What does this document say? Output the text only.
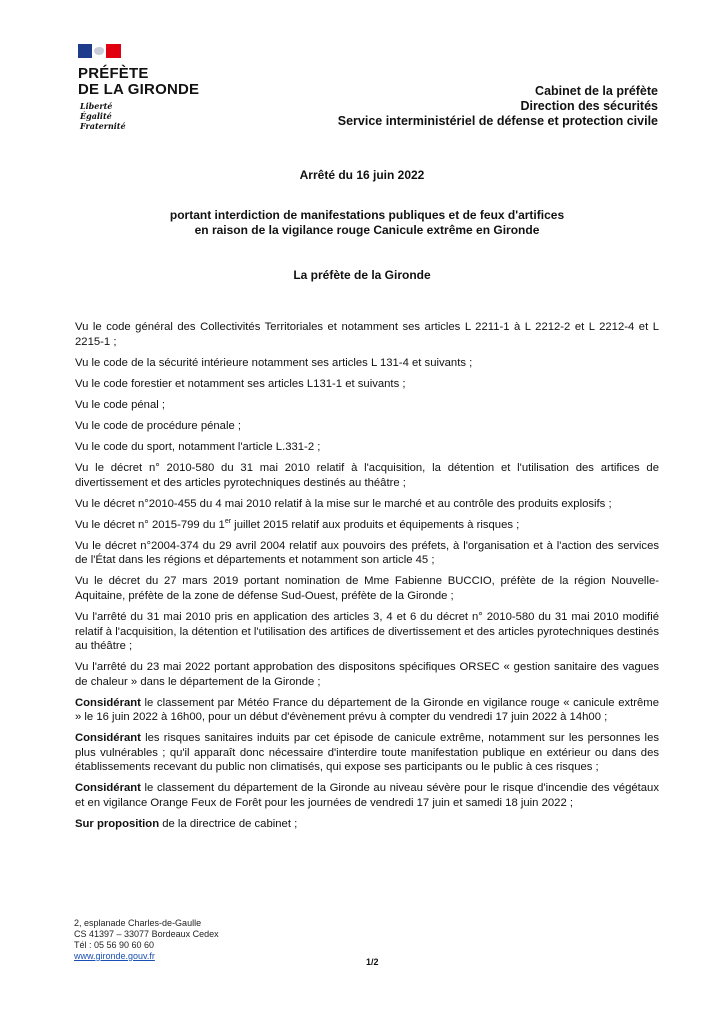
PRÉFÈTE
DE LA GIRONDE
Liberté
Égalité
Fraternité
Cabinet de la préfète
Direction des sécurités
Service interministériel de défense et protection civile
Arrêté du 16 juin 2022
portant interdiction de manifestations publiques et de feux d'artifices
en raison de la vigilance rouge Canicule extrême en Gironde
La préfète de la Gironde

Vu le code général des Collectivités Territoriales et notamment ses articles L 2211-1 à L 2212-2 et L 2212-4 et L 2215-1 ;

Vu le code de la sécurité intérieure notamment ses articles L 131-4 et suivants ;

Vu le code forestier et notamment ses articles L131-1 et suivants ;

Vu le code pénal ;

Vu le code de procédure pénale ;

Vu le code du sport, notamment l'article L.331-2 ;

Vu le décret n° 2010-580 du 31 mai 2010 relatif à l'acquisition, la détention et l'utilisation des artifices de divertissement et des articles pyrotechniques destinés au théâtre ;

Vu le décret n°2010-455 du 4 mai 2010 relatif à la mise sur le marché et au contrôle des produits explosifs ;

Vu le décret n° 2015-799 du 1er juillet 2015 relatif aux produits et équipements à risques ;

Vu le décret n°2004-374 du 29 avril 2004 relatif aux pouvoirs des préfets, à l'organisation et à l'action des services de l'État dans les régions et départements et notamment son article 45 ;

Vu le décret du 27 mars 2019 portant nomination de Mme Fabienne BUCCIO, préfète de la région Nouvelle-Aquitaine, préfète de la zone de défense Sud-Ouest, préfète de la Gironde ;

Vu l'arrêté du 31 mai 2010 pris en application des articles 3, 4 et 6 du décret n° 2010-580 du 31 mai 2010 modifié relatif à l'acquisition, la détention et l'utilisation des artifices de divertissement et des articles pyrotechniques destinés au théâtre ;

Vu l'arrêté du 23 mai 2022 portant approbation des dispositons spécifiques ORSEC « gestion sanitaire des vagues de chaleur » dans le département de la Gironde ;

Considérant le classement par Météo France du département de la Gironde en vigilance rouge « canicule extrême » le 16 juin 2022 à 16h00, pour un début d'évènement prévu à compter du vendredi 17 juin 2022 à 14h00 ;

Considérant les risques sanitaires induits par cet épisode de canicule extrême, notamment sur les personnes les plus vulnérables ; qu'il apparaît donc nécessaire d'interdire toute manifestation publique en extérieur ou dans des établissements recevant du public non climatisés, qui expose ses participants ou le public à ces risques ;

Considérant le classement du département de la Gironde au niveau sévère pour le risque d'incendie des végétaux et en vigilance Orange Feux de Forêt pour les journées de vendredi 17 juin et samedi 18 juin 2022 ;

Sur proposition de la directrice de cabinet ;

2, esplanade Charles-de-Gaulle
CS 41397 – 33077 Bordeaux Cedex
Tél : 05 56 90 60 60
www.gironde.gouv.fr
1/2
